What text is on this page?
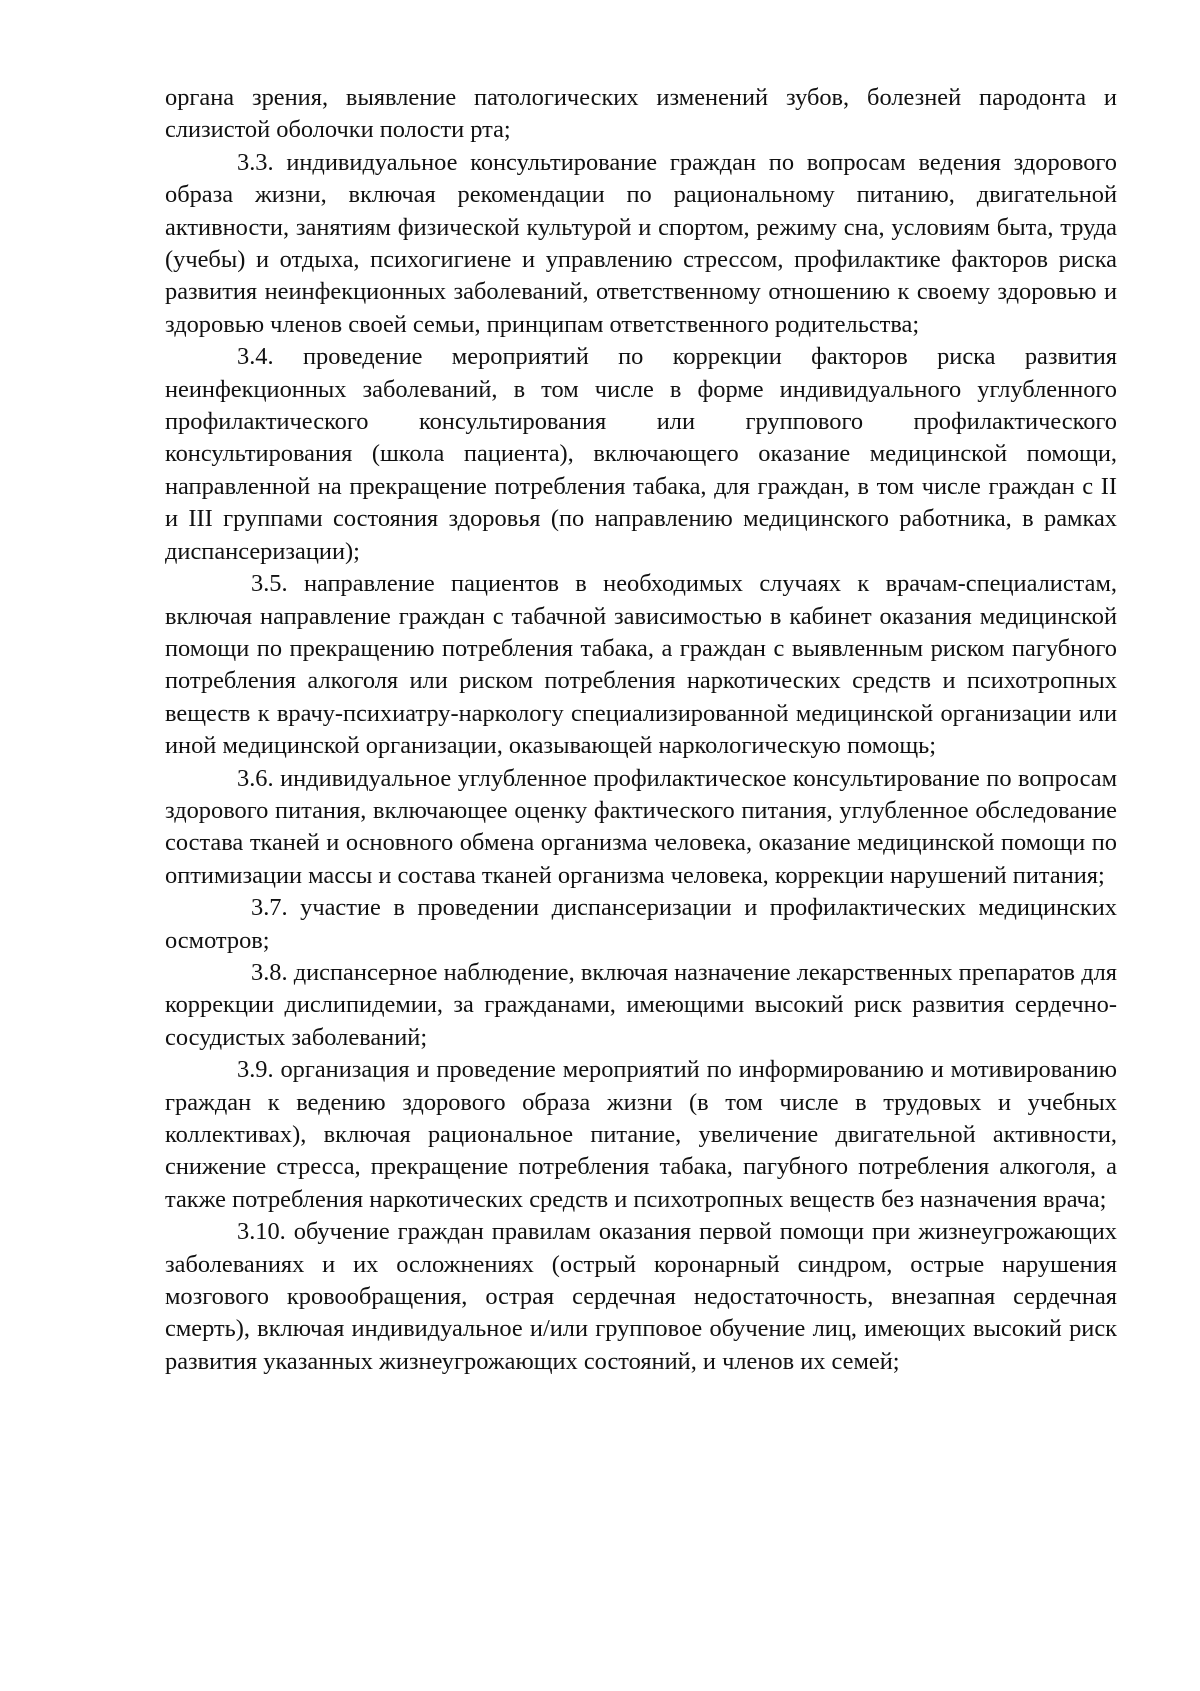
органа зрения, выявление патологических изменений зубов, болезней пародонта и слизистой оболочки полости рта;

3.3. индивидуальное консультирование граждан по вопросам ведения здорового образа жизни, включая рекомендации по рациональному питанию, двигательной активности, занятиям физической культурой и спортом, режиму сна, условиям быта, труда (учебы) и отдыха, психогигиене и управлению стрессом, профилактике факторов риска развития неинфекционных заболеваний, ответственному отношению к своему здоровью и здоровью членов своей семьи, принципам ответственного родительства;

3.4. проведение мероприятий по коррекции факторов риска развития неинфекционных заболеваний, в том числе в форме индивидуального углубленного профилактического консультирования или группового профилактического консультирования (школа пациента), включающего оказание медицинской помощи, направленной на прекращение потребления табака, для граждан, в том числе граждан с II и III группами состояния здоровья (по направлению медицинского работника, в рамках диспансеризации);

3.5. направление пациентов в необходимых случаях к врачам-специалистам, включая направление граждан с табачной зависимостью в кабинет оказания медицинской помощи по прекращению потребления табака, а граждан с выявленным риском пагубного потребления алкоголя или риском потребления наркотических средств и психотропных веществ к врачу-психиатру-наркологу специализированной медицинской организации или иной медицинской организации, оказывающей наркологическую помощь;

3.6. индивидуальное углубленное профилактическое консультирование по вопросам здорового питания, включающее оценку фактического питания, углубленное обследование состава тканей и основного обмена организма человека, оказание медицинской помощи по оптимизации массы и состава тканей организма человека, коррекции нарушений питания;

3.7. участие в проведении диспансеризации и профилактических медицинских осмотров;

3.8. диспансерное наблюдение, включая назначение лекарственных препаратов для коррекции дислипидемии, за гражданами, имеющими высокий риск развития сердечно-сосудистых заболеваний;

3.9. организация и проведение мероприятий по информированию и мотивированию граждан к ведению здорового образа жизни (в том числе в трудовых и учебных коллективах), включая рациональное питание, увеличение двигательной активности, снижение стресса, прекращение потребления табака, пагубного потребления алкоголя, а также потребления наркотических средств и психотропных веществ без назначения врача;

3.10. обучение граждан правилам оказания первой помощи при жизнеугрожающих заболеваниях и их осложнениях (острый коронарный синдром, острые нарушения мозгового кровообращения, острая сердечная недостаточность, внезапная сердечная смерть), включая индивидуальное и/или групповое обучение лиц, имеющих высокий риск развития указанных жизнеугрожающих состояний, и членов их семей;
